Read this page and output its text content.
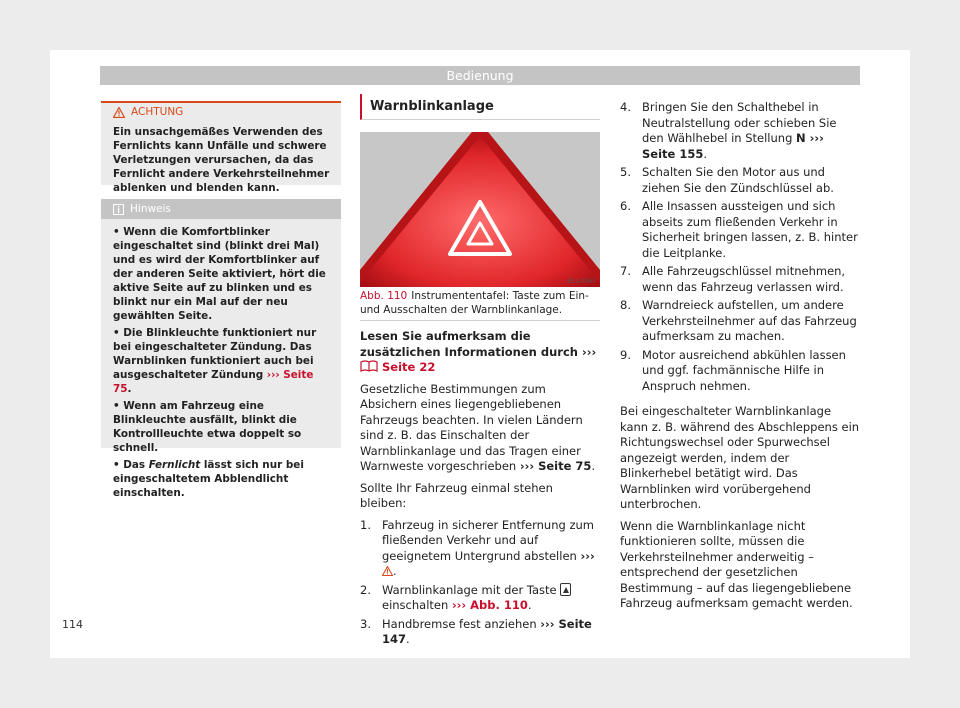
Bedienung
ACHTUNG

Ein unsachgemäßes Verwenden des Fernlichts kann Unfälle und schwere Verletzungen verursachen, da das Fernlicht andere Verkehrsteilnehmer ablenken und blenden kann.

Hinweis

• Wenn die Komfortblinker eingeschaltet sind (blinkt drei Mal) und es wird der Komfortblinker auf der anderen Seite aktiviert, hört die aktive Seite auf zu blinken und es blinkt nur ein Mal auf der neu gewählten Seite.

• Die Blinkleuchte funktioniert nur bei eingeschalteter Zündung. Das Warnblinken funktioniert auch bei ausgeschalteter Zündung ››› Seite 75.

• Wenn am Fahrzeug eine Blinkleuchte ausfällt, blinkt die Kontrollleuchte etwa doppelt so schnell.

• Das Fernlicht lässt sich nur bei eingeschaltetem Abblendlicht einschalten.

Warnblinkanlage
B1L-0267
Abb. 110 Instrumententafel: Taste zum Ein- und Ausschalten der Warnblinkanlage.

Lesen Sie aufmerksam die zusätzlichen Informationen durch ›››  Seite 22

Gesetzliche Bestimmungen zum Absichern eines liegengebliebenen Fahrzeugs beachten. In vielen Ländern sind z. B. das Einschalten der Warnblinkanlage und das Tragen einer Warnweste vorgeschrieben ››› Seite 75.

Sollte Ihr Fahrzeug einmal stehen bleiben:

1. Fahrzeug in sicherer Entfernung zum fließenden Verkehr und auf geeignetem Untergrund abstellen ››› .
2. Warnblinkanlage mit der Taste  einschalten ››› Abb. 110.
3. Handbremse fest anziehen ››› Seite 147.
4. Bringen Sie den Schalthebel in Neutralstellung oder schieben Sie den Wählhebel in Stellung N ››› Seite 155.
5. Schalten Sie den Motor aus und ziehen Sie den Zündschlüssel ab.
6. Alle Insassen aussteigen und sich abseits zum fließenden Verkehr in Sicherheit bringen lassen, z. B. hinter die Leitplanke.
7. Alle Fahrzeugschlüssel mitnehmen, wenn das Fahrzeug verlassen wird.
8. Warndreieck aufstellen, um andere Verkehrsteilnehmer auf das Fahrzeug aufmerksam zu machen.
9. Motor ausreichend abkühlen lassen und ggf. fachmännische Hilfe in Anspruch nehmen.

Bei eingeschalteter Warnblinkanlage kann z. B. während des Abschleppens ein Richtungswechsel oder Spurwechsel angezeigt werden, indem der Blinkerhebel betätigt wird. Das Warnblinken wird vorübergehend unterbrochen.

Wenn die Warnblinkanlage nicht funktionieren sollte, müssen die Verkehrsteilnehmer anderweitig – entsprechend der gesetzlichen Bestimmung – auf das liegengebliebene Fahrzeug aufmerksam gemacht werden.

114
